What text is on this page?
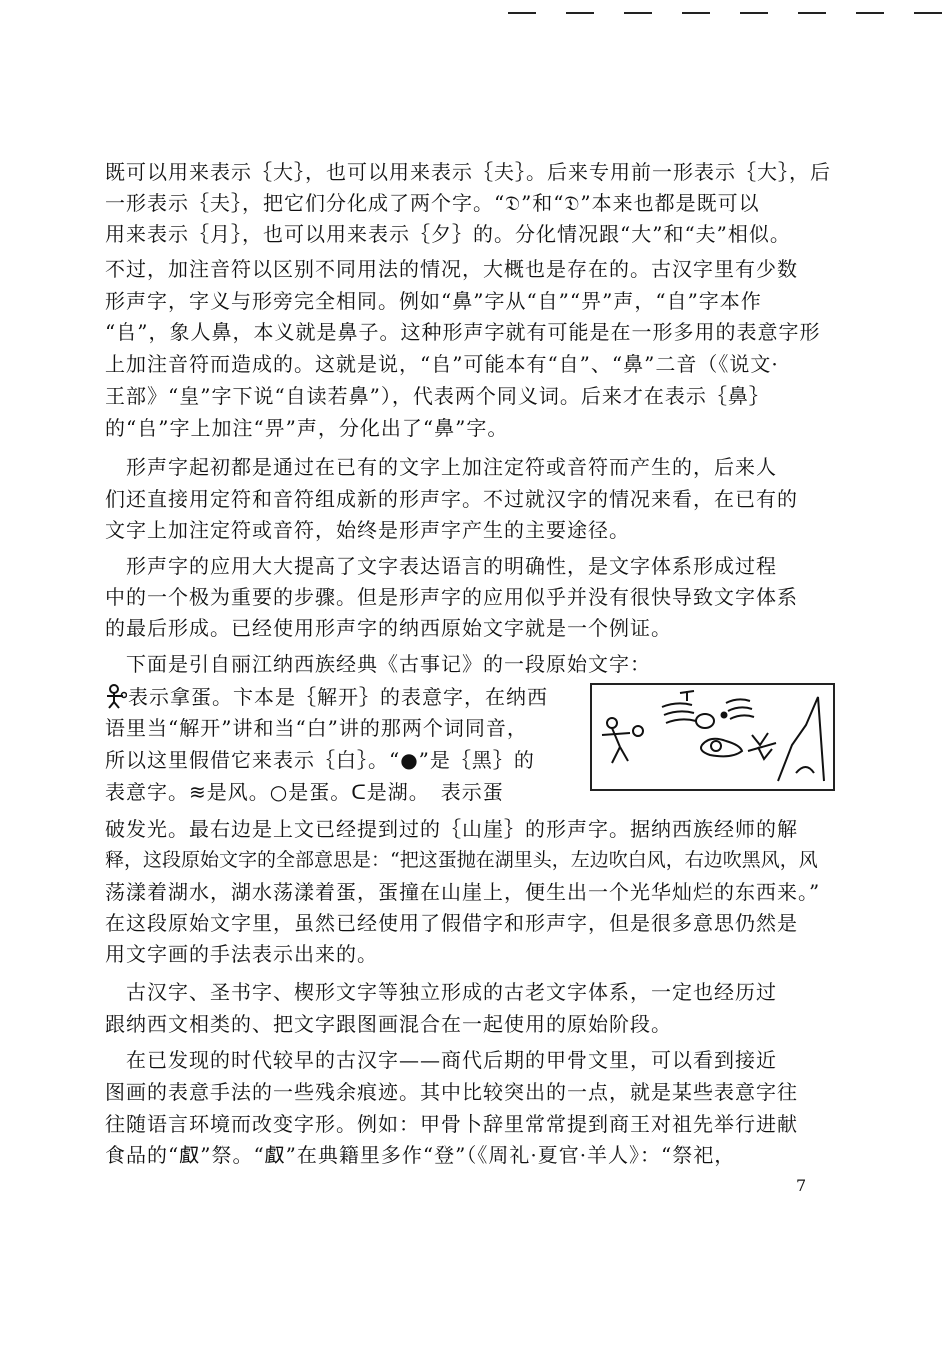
既可以用来表示｛大｝，也可以用来表示｛夫｝。后来专用前一形表示｛大｝，后
一形表示｛夫｝，把它们分化成了两个字。“𝔇”和“𝔇”本来也都是既可以
用来表示｛月｝，也可以用来表示｛夕｝的。分化情况跟“大”和“夫”相似。
不过，加注音符以区别不同用法的情况，大概也是存在的。古汉字里有少数
形声字，字义与形旁完全相同。例如“鼻”字从“自”“畀”声，“自”字本作
“𠂤”，象人鼻，本义就是鼻子。这种形声字就有可能是在一形多用的表意字形
上加注音符而造成的。这就是说，“𠂤”可能本有“自”、“鼻”二音（《说文·
王部》“皇”字下说“自读若鼻”），代表两个同义词。后来才在表示｛鼻｝
的“𠂤”字上加注“畀”声，分化出了“鼻”字。
　形声字起初都是通过在已有的文字上加注定符或音符而产生的，后来人
们还直接用定符和音符组成新的形声字。不过就汉字的情况来看，在已有的
文字上加注定符或音符，始终是形声字产生的主要途径。
　形声字的应用大大提高了文字表达语言的明确性，是文字体系形成过程
中的一个极为重要的步骤。但是形声字的应用似乎并没有很快导致文字体系
的最后形成。已经使用形声字的纳西原始文字就是一个例证。
　下面是引自丽江纳西族经典《古事记》的一段原始文字：
表示拿蛋。卞本是｛解开｝的表意字，在纳西
语里当“解开”讲和当“白”讲的那两个词同音，
所以这里假借它来表示｛白｝。“●”是｛黑｝的
表意字。≋是风。○是蛋。ᑕ是湖。　表示蛋
破发光。最右边是上文已经提到过的｛山崖｝的形声字。据纳西族经师的解
释，这段原始文字的全部意思是：“把这蛋抛在湖里头，左边吹白风，右边吹黑风，风
荡漾着湖水，湖水荡漾着蛋，蛋撞在山崖上，便生出一个光华灿烂的东西来。”
在这段原始文字里，虽然已经使用了假借字和形声字，但是很多意思仍然是
用文字画的手法表示出来的。
　古汉字、圣书字、楔形文字等独立形成的古老文字体系，一定也经历过
跟纳西文相类的、把文字跟图画混合在一起使用的原始阶段。
　在已发现的时代较早的古汉字——商代后期的甲骨文里，可以看到接近
图画的表意手法的一些残余痕迹。其中比较突出的一点，就是某些表意字往
往随语言环境而改变字形。例如：甲骨卜辞里常常提到商王对祖先举行进献
食品的“𠭯”祭。“𠭯”在典籍里多作“登”（《周礼·夏官·羊人》：“祭祀，
7
